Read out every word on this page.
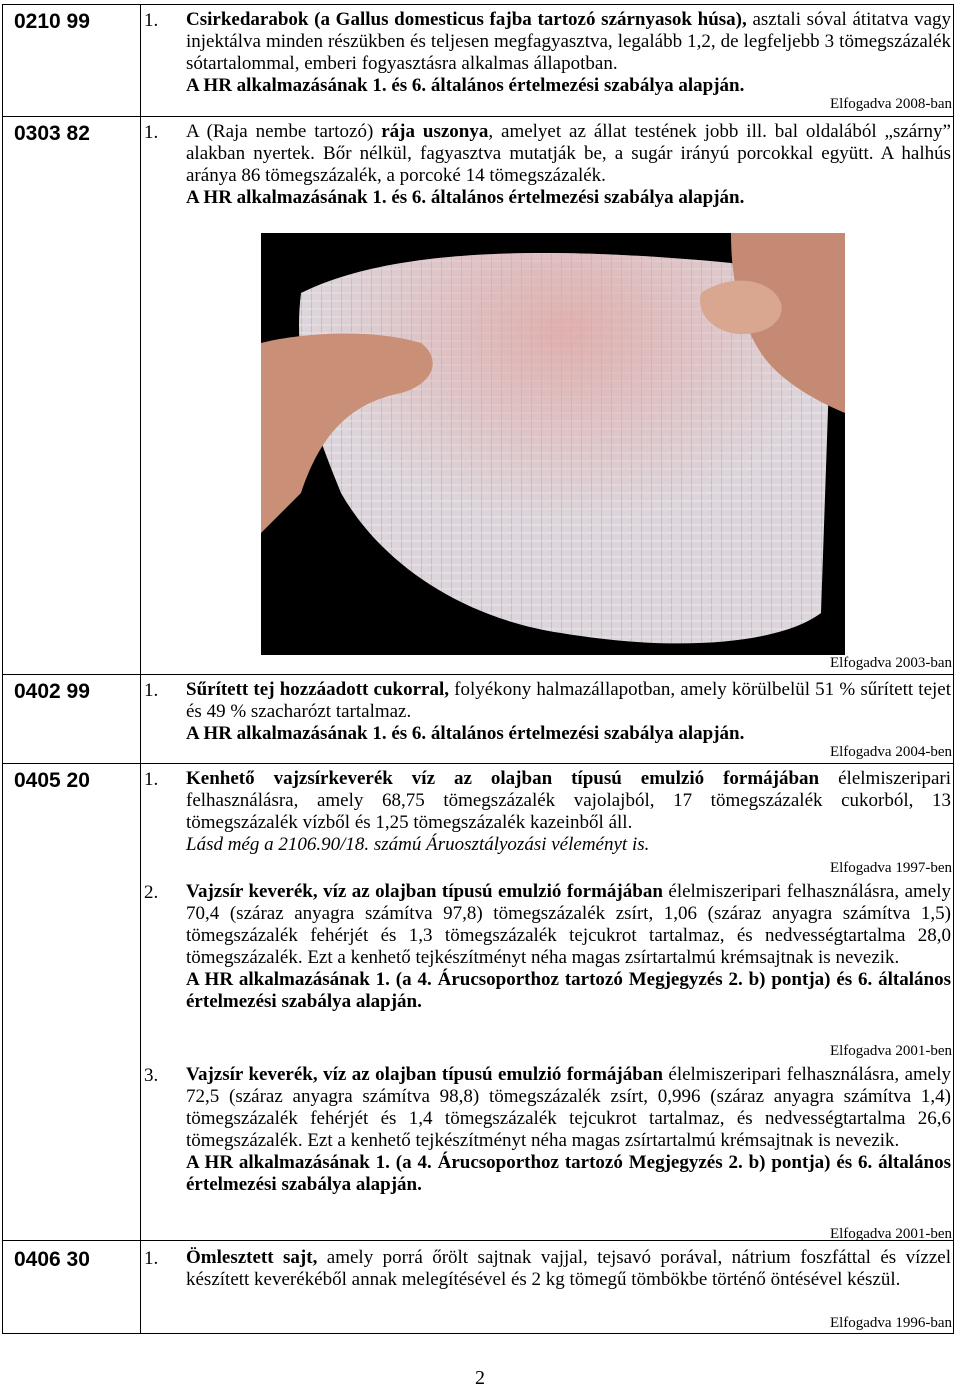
0210 99	1. Csirkedarabok (a Gallus domesticus fajba tartozó szárnyasok húsa), asztali sóval átitatva vagy injektálva minden részükben és teljesen megfagyasztva, legalább 1,2, de legfeljebb 3 tömegszázalék sótartalommal, emberi fogyasztásra alkalmas állapotban.

A HR alkalmazásának 1. és 6. általános értelmezési szabálya alapján.

Elfogadva 2008-ban
0303 82	1. A (Raja nembe tartozó) rája uszonya, amelyet az állat testének jobb ill. bal oldalából „szárny” alakban nyertek. Bőr nélkül, fagyasztva mutatják be, a sugár irányú porcokkal együtt. A halhús aránya 86 tömegszázalék, a porcoké 14 tömegszázalék.

A HR alkalmazásának 1. és 6. általános értelmezési szabálya alapján.

Elfogadva 2003-ban
0402 99	1. Sűrített tej hozzáadott cukorral, folyékony halmazállapotban, amely körülbelül 51 % sűrített tejet és 49 % szacharózt tartalmaz.

A HR alkalmazásának 1. és 6. általános értelmezési szabálya alapján.

Elfogadva 2004-ben
0405 20	1. Kenhető vajzsírkeverék víz az olajban típusú emulzió formájában élelmiszeripari felhasználásra, amely 68,75 tömegszázalék vajolajból, 17 tömegszázalék cukorból, 13 tömegszázalék vízből és 1,25 tömegszázalék kazeinből áll.

Lásd még a 2106.90/18. számú Áruosztályozási véleményt is.

Elfogadva 1997-ben
2. Vajzsír keverék, víz az olajban típusú emulzió formájában élelmiszeripari felhasználásra, amely 70,4 (száraz anyagra számítva 97,8) tömegszázalék zsírt, 1,06 (száraz anyagra számítva 1,5) tömegszázalék fehérjét és 1,3 tömegszázalék tejcukrot tartalmaz, és nedvességtartalma 28,0 tömegszázalék. Ezt a kenhető tejkészítményt néha magas zsírtartalmú krémsajtnak is nevezik.

A HR alkalmazásának 1. (a 4. Árucsoporthoz tartozó Megjegyzés 2. b) pontja) és 6. általános értelmezési szabálya alapján.

Elfogadva 2001-ben
3. Vajzsír keverék, víz az olajban típusú emulzió formájában élelmiszeripari felhasználásra, amely 72,5 (száraz anyagra számítva 98,8) tömegszázalék zsírt, 0,996 (száraz anyagra számítva 1,4) tömegszázalék fehérjét és 1,4 tömegszázalék tejcukrot tartalmaz, és nedvességtartalma 26,6 tömegszázalék. Ezt a kenhető tejkészítményt néha magas zsírtartalmú krémsajtnak is nevezik.

A HR alkalmazásának 1. (a 4. Árucsoporthoz tartozó Megjegyzés 2. b) pontja) és 6. általános értelmezési szabálya alapján.

Elfogadva 2001-ben
0406 30	1. Ömlesztett sajt, amely porrá őrölt sajtnak vajjal, tejsavó porával, nátrium foszfáttal és vízzel készített keverékéből annak melegítésével és 2 kg tömegű tömbökbe történő öntésével készül.

Elfogadva 1996-ban
2
